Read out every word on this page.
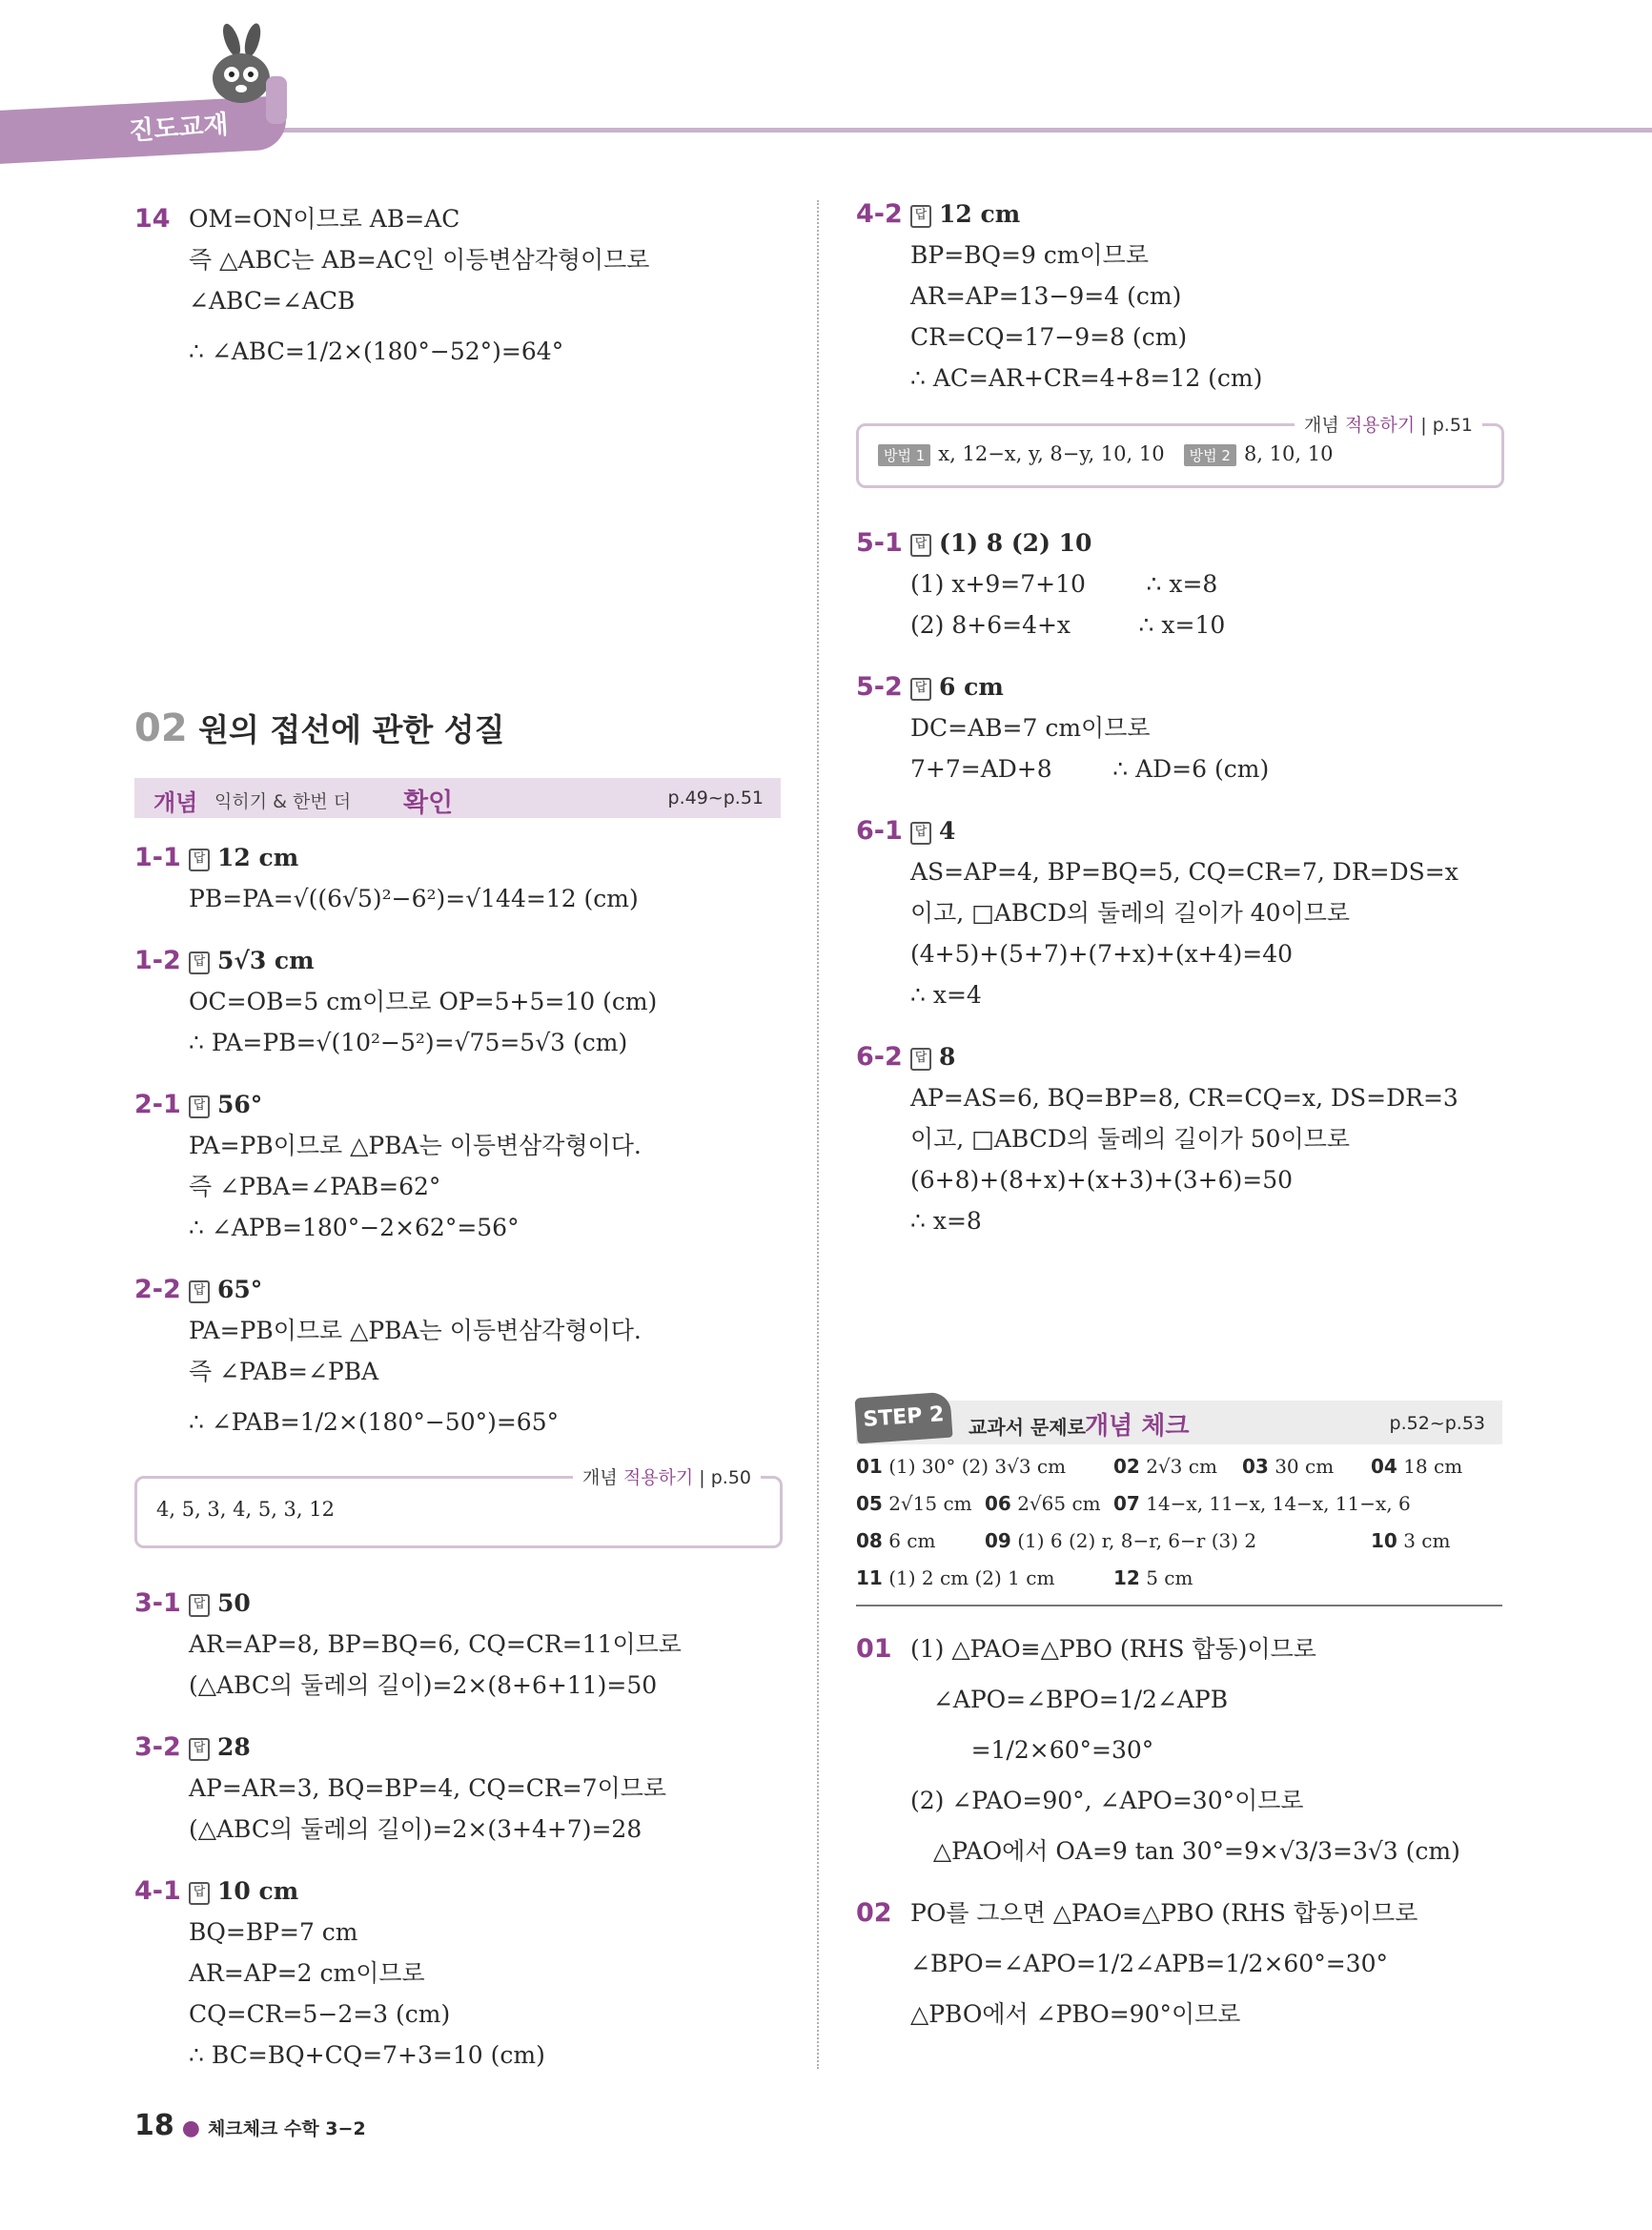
진도교재
14 OM=ON이므로 AB=AC
즉 △ABC는 AB=AC인 이등변삼각형이므로
∠ABC=∠ACB
∴ ∠ABC=1/2×(180°−52°)=64°
02 원의 접선에 관한 성질
개념 익히기 & 한번 더 확인	p.49~p.51
1-1 답 12 cm
PB=PA=√((6√5)²−6²)=√144=12 (cm)
1-2 답 5√3 cm
OC=OB=5 cm이므로 OP=5+5=10 (cm)
∴ PA=PB=√(10²−5²)=√75=5√3 (cm)
2-1 답 56°
PA=PB이므로 △PBA는 이등변삼각형이다.
즉 ∠PBA=∠PAB=62°
∴ ∠APB=180°−2×62°=56°
2-2 답 65°
PA=PB이므로 △PBA는 이등변삼각형이다.
즉 ∠PAB=∠PBA
∴ ∠PAB=1/2×(180°−50°)=65°
개념 적용하기 | p.50
4, 5, 3, 4, 5, 3, 12
3-1 답 50
AR=AP=8, BP=BQ=6, CQ=CR=11이므로
(△ABC의 둘레의 길이)=2×(8+6+11)=50
3-2 답 28
AP=AR=3, BQ=BP=4, CQ=CR=7이므로
(△ABC의 둘레의 길이)=2×(3+4+7)=28
4-1 답 10 cm
BQ=BP=7 cm
AR=AP=2 cm이므로
CQ=CR=5−2=3 (cm)
∴ BC=BQ+CQ=7+3=10 (cm)
4-2 답 12 cm
BP=BQ=9 cm이므로
AR=AP=13−9=4 (cm)
CR=CQ=17−9=8 (cm)
∴ AC=AR+CR=4+8=12 (cm)
개념 적용하기 | p.51
방법 1 x, 12−x, y, 8−y, 10, 10 방법 2 8, 10, 10
5-1 답 (1) 8 (2) 10
(1) x+9=7+10        ∴ x=8
(2) 8+6=4+x         ∴ x=10
5-2 답 6 cm
DC=AB=7 cm이므로
7+7=AD+8        ∴ AD=6 (cm)
6-1 답 4
AS=AP=4, BP=BQ=5, CQ=CR=7, DR=DS=x
이고, □ABCD의 둘레의 길이가 40이므로
(4+5)+(5+7)+(7+x)+(x+4)=40
∴ x=4
6-2 답 8
AP=AS=6, BQ=BP=8, CR=CQ=x, DS=DR=3
이고, □ABCD의 둘레의 길이가 50이므로
(6+8)+(8+x)+(x+3)+(3+6)=50
∴ x=8
STEP 2	교과서 문제로 개념 체크	p.52~p.53
01 (1) 30° (2) 3√3 cm 02 2√3 cm 03 30 cm 04 18 cm
05 2√15 cm 06 2√65 cm 07 14−x, 11−x, 14−x, 11−x, 6
08 6 cm	09 (1) 6 (2) r, 8−r, 6−r (3) 2	10 3 cm
11 (1) 2 cm (2) 1 cm	12 5 cm
01 (1) △PAO≡△PBO (RHS 합동)이므로
∠APO=∠BPO=1/2∠APB
=1/2×60°=30°
(2) ∠PAO=90°, ∠APO=30°이므로
△PAO에서 OA=9 tan 30°=9×√3/3=3√3 (cm)
02 PO를 그으면 △PAO≡△PBO (RHS 합동)이므로
∠BPO=∠APO=1/2∠APB=1/2×60°=30°
△PBO에서 ∠PBO=90°이므로
18 ● 체크체크 수학 3−2
